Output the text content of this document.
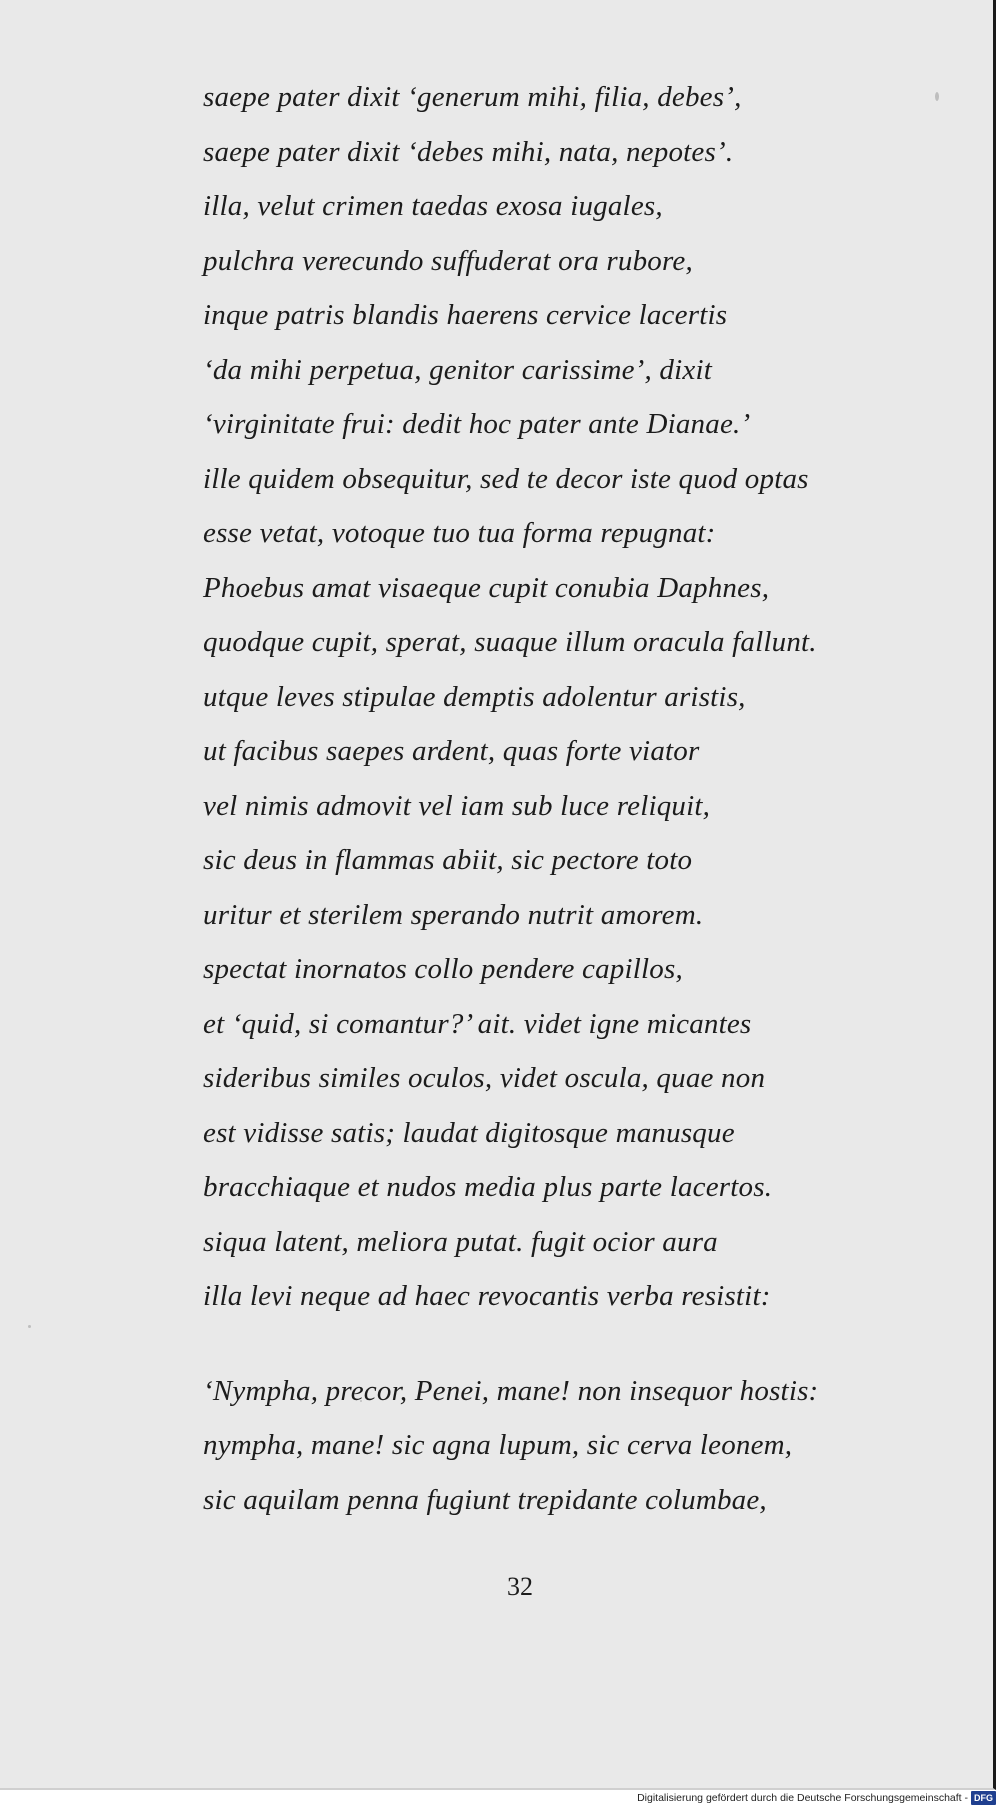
saepe pater dixit ‘generum mihi, filia, debes’,
saepe pater dixit ‘debes mihi, nata, nepotes’.
illa, velut crimen taedas exosa iugales,
pulchra verecundo suffuderat ora rubore,
inque patris blandis haerens cervice lacertis
‘da mihi perpetua, genitor carissime’, dixit
‘virginitate frui: dedit hoc pater ante Dianae.’
ille quidem obsequitur, sed te decor iste quod optas
esse vetat, votoque tuo tua forma repugnat:
Phoebus amat visaeque cupit conubia Daphnes,
quodque cupit, sperat, suaque illum oracula fallunt.
utque leves stipulae demptis adolentur aristis,
ut facibus saepes ardent, quas forte viator
vel nimis admovit vel iam sub luce reliquit,
sic deus in flammas abiit, sic pectore toto
uritur et sterilem sperando nutrit amorem.
spectat inornatos collo pendere capillos,
et ‘quid, si comantur?’ ait. videt igne micantes
sideribus similes oculos, videt oscula, quae non
est vidisse satis; laudat digitosque manusque
bracchiaque et nudos media plus parte lacertos.
siqua latent, meliora putat. fugit ocior aura
illa levi neque ad haec revocantis verba resistit:
‘Nympha, precor, Penei, mane! non insequor hostis:
nympha, mane! sic agna lupum, sic cerva leonem,
sic aquilam penna fugiunt trepidante columbae,
32
Digitalisierung gefördert durch die Deutsche Forschungsgemeinschaft - DFG
